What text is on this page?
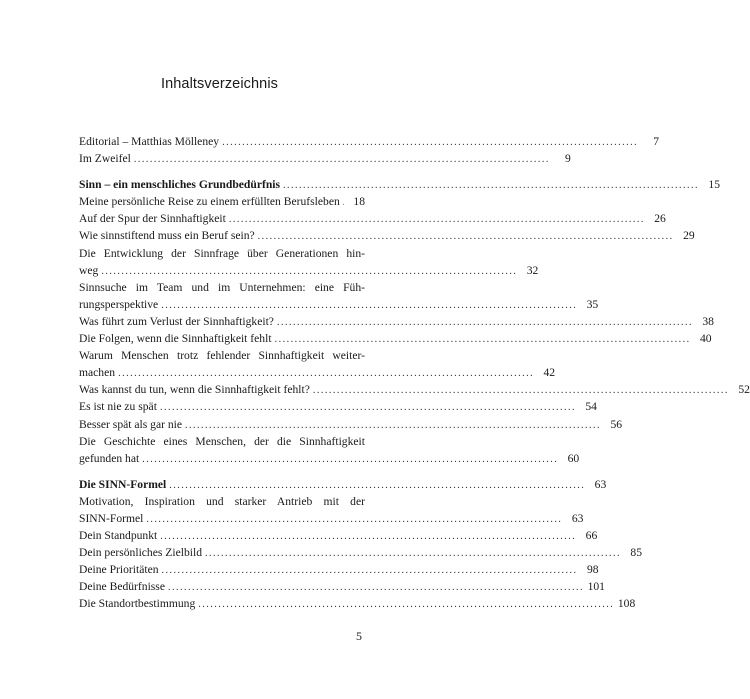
Inhaltsverzeichnis
Editorial – Matthias Mölleney ........................................................................................................	7
Im Zweifel ........................................................................................................	9
Sinn – ein menschliches Grundbedürfnis ........................................................................................................ 15
Meine persönliche Reise zu einem erfüllten Berufsleben	18
Auf der Spur der Sinnhaftigkeit ........................................................................................................ 26
Wie sinnstiftend muss ein Beruf sein? ........................................................................................................ 29
Die Entwicklung der Sinnfrage über Generationen hin-
weg ........................................................................................................ 32
Sinnsuche im Team und im Unternehmen: eine Füh-
rungsperspektive ........................................................................................................ 35
Was führt zum Verlust der Sinnhaftigkeit? ........................................................................................................ 38
Die Folgen, wenn die Sinnhaftigkeit fehlt ........................................................................................................ 40
Warum Menschen trotz fehlender Sinnhaftigkeit weiter-
machen ........................................................................................................ 42
Was kannst du tun, wenn die Sinnhaftigkeit fehlt? ........................................................................................................ 52
Es ist nie zu spät ........................................................................................................ 54
Besser spät als gar nie ........................................................................................................ 56
Die Geschichte eines Menschen, der die Sinnhaftigkeit
gefunden hat ........................................................................................................ 60
Die SINN-Formel ........................................................................................................ 63
Motivation, Inspiration und starker Antrieb mit der
SINN-Formel ........................................................................................................ 63
Dein Standpunkt ........................................................................................................ 66
Dein persönliches Zielbild ........................................................................................................ 85
Deine Prioritäten ........................................................................................................ 98
Deine Bedürfnisse ........................................................................................................ 101
Die Standortbestimmung ........................................................................................................ 108
5
